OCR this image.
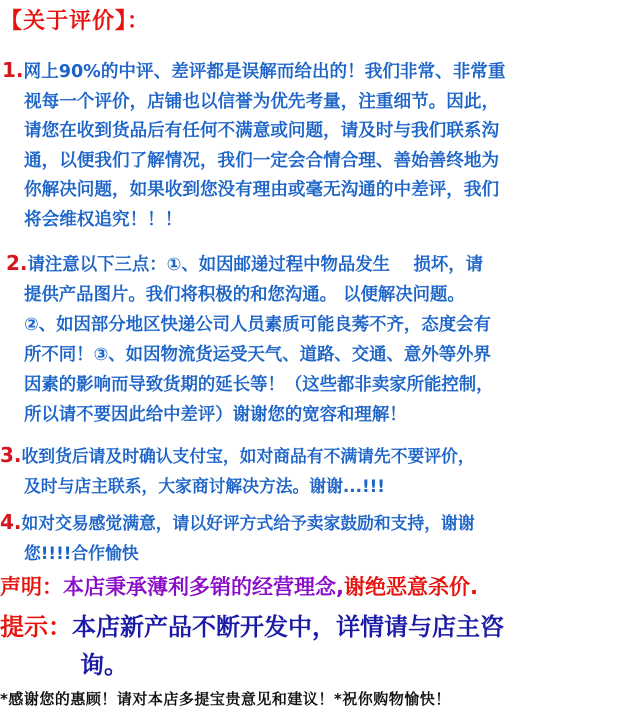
【关于评价】：
1.网上90%的中评、差评都是误解而给出的！我们非常、非常重
视每一个评价，店铺也以信誉为优先考量，注重细节。因此，
请您在收到货品后有任何不满意或问题，请及时与我们联系沟
通，以便我们了解情况，我们一定会合情合理、善始善终地为
你解决问题，如果收到您没有理由或毫无沟通的中差评，我们
将会维权追究！！！
2.请注意以下三点：①、如因邮递过程中物品发生　 损坏，请
提供产品图片。我们将积极的和您沟通。 以便解决问题。
②、如因部分地区快递公司人员素质可能良莠不齐，态度会有
所不同！③、如因物流货运受天气、道路、交通、意外等外界
因素的影响而导致货期的延长等！（这些都非卖家所能控制，
所以请不要因此给中差评）谢谢您的宽容和理解！
3.收到货后请及时确认支付宝，如对商品有不满请先不要评价，
及时与店主联系，大家商讨解决方法。谢谢...!!!
4.如对交易感觉满意，请以好评方式给予卖家鼓励和支持，谢谢
您!!!!合作愉快
声明：本店秉承薄利多销的经营理念,谢绝恶意杀价.
提示：本店新产品不断开发中，详情请与店主咨
询。
*感谢您的惠顾！请对本店多提宝贵意见和建议！*祝你购物愉快！
